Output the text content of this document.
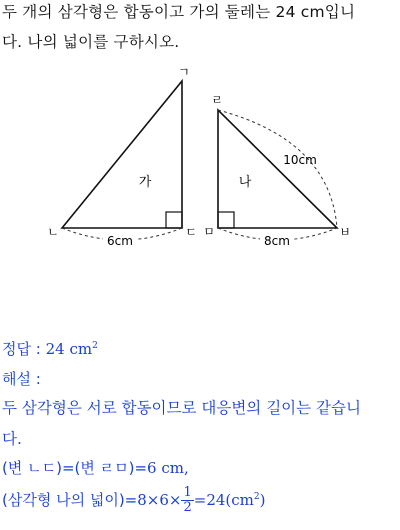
두 개의 삼각형은 합동이고 가의 둘레는 24 cm입니
다. 나의 넓이를 구하시오.
6cm	8cm
10cm
가	나
ㄱ
ㄴ	ㄷ
ㄹ
ㅁ	ㅂ
정답 : 24 $cm^2$
해설 :
두 삼각형은 서로 합동이므로 대응변의 길이는 같습니
다.
(변 ㄴㄷ)=(변 ㄹㅁ)=6 cm,
(삼각형 나의 넓이)$=8\times 6\times \frac{1}{2} =24(cm^2)$
